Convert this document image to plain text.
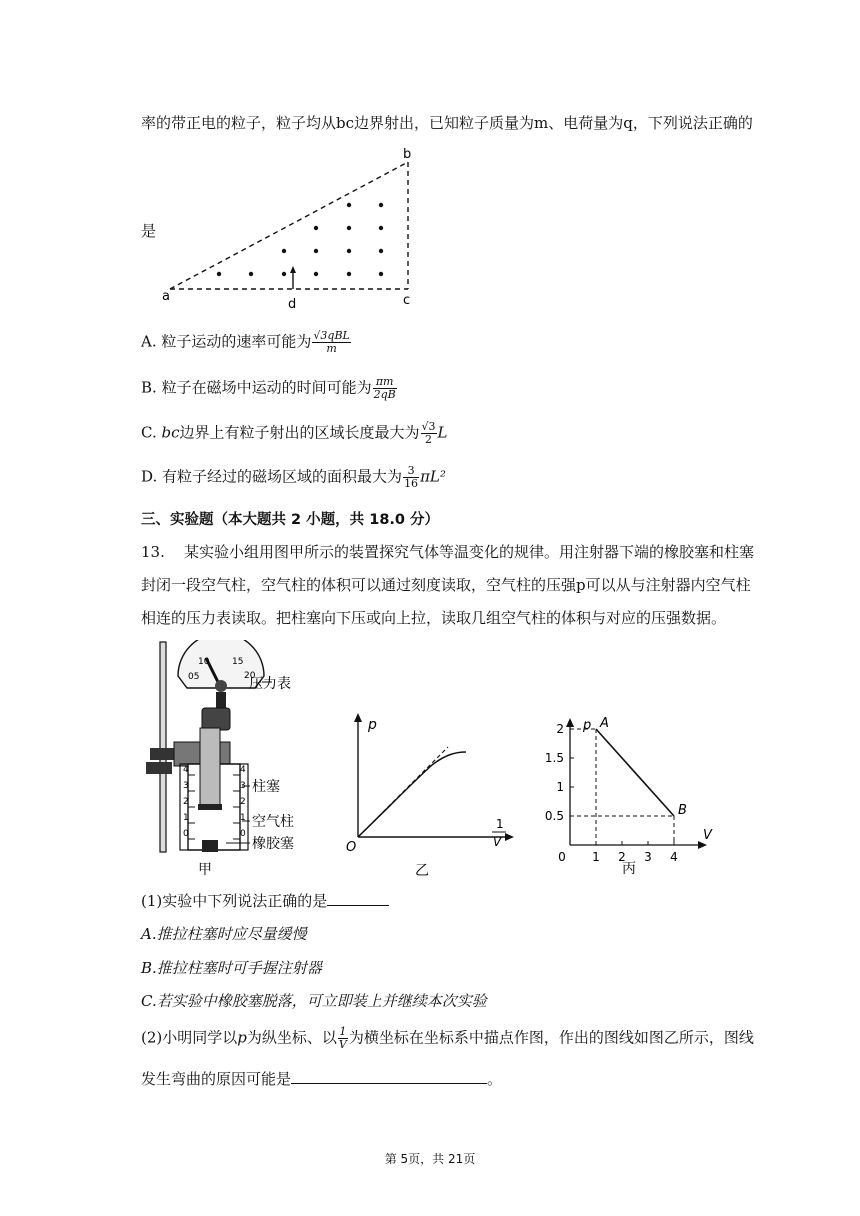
率的带正电的粒子，粒子均从bc边界射出，已知粒子质量为m、电荷量为q，下列说法正确的
a
b
c
d
是
A. 粒子运动的速率可能为 $\frac{\text{√3qBL}}{m}$
B. 粒子在磁场中运动的时间可能为 $\frac{\pi m}{2qB}$
C. bc边界上有粒子射出的区域长度最大为 $\frac{√3}{2}$ L
D. 有粒子经过的磁场区域的面积最大为 $\frac{3}{16} \pi L^2$
三、实验题（本大题共 2 小题，共 18.0 分）
13. 某实验小组用图甲所示的装置探究气体等温变化的规律。用注射器下端的橡胶塞和柱塞
封闭一段空气柱，空气柱的体积可以通过刻度读取，空气柱的压强p可以从与注射器内空气柱
相连的压力表读取。把柱塞向下压或向上拉，读取几组空气柱的体积与对应的压强数据。
05
10	15
20
4	4
3	3
2	2
1	1
0	0
压力表
柱塞
空气柱
橡胶塞
甲
p
1
V
O
乙
0.5
1
1.5
2
0 1 2 3 4
A
B
p
V
丙
(1)实验中下列说法正确的是
A.推拉柱塞时应尽量缓慢
B.推拉柱塞时可手握注射器
C.若实验中橡胶塞脱落，可立即装上并继续本次实验
(2)小明同学以p为纵坐标、以 $\frac{1}{V}$ 为横坐标在坐标系中描点作图，作出的图线如图乙所示，图线
发生弯曲的原因可能是	。
第 5页，共 21页
